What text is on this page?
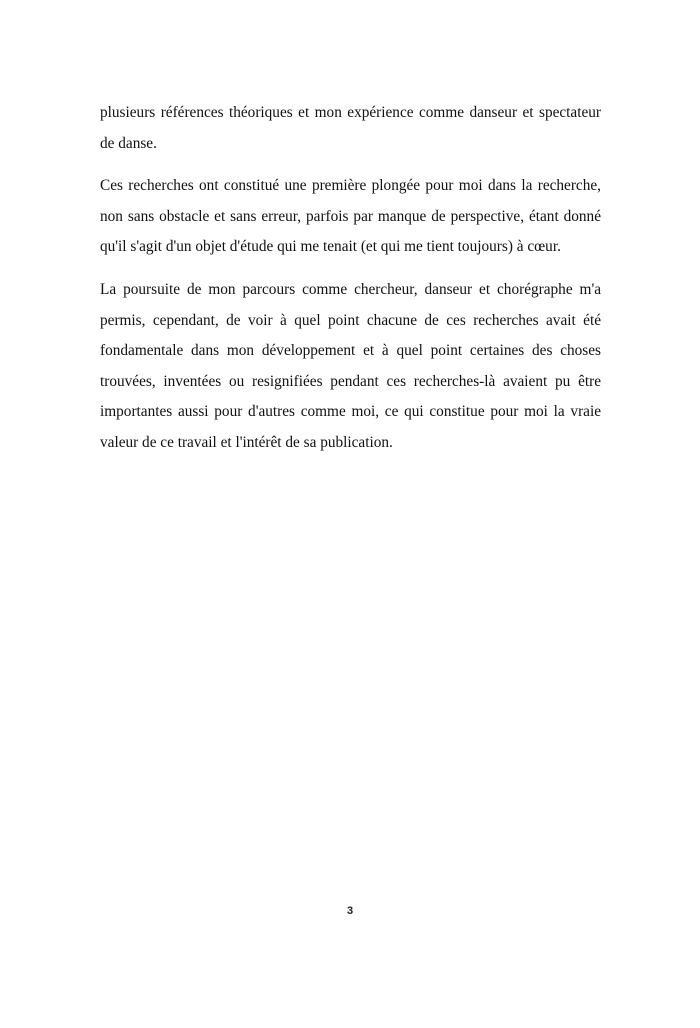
plusieurs références théoriques et mon expérience comme danseur et spectateur de danse.

Ces recherches ont constitué une première plongée pour moi dans la recherche, non sans obstacle et sans erreur, parfois par manque de perspective, étant donné qu'il s'agit d'un objet d'étude qui me tenait (et qui me tient toujours) à cœur.

La poursuite de mon parcours comme chercheur, danseur et chorégraphe m'a permis, cependant, de voir à quel point chacune de ces recherches avait été fondamentale dans mon développement et à quel point certaines des choses trouvées, inventées ou resignifiées pendant ces recherches-là avaient pu être importantes aussi pour d'autres comme moi, ce qui constitue pour moi la vraie valeur de ce travail et l'intérêt de sa publication.

3
